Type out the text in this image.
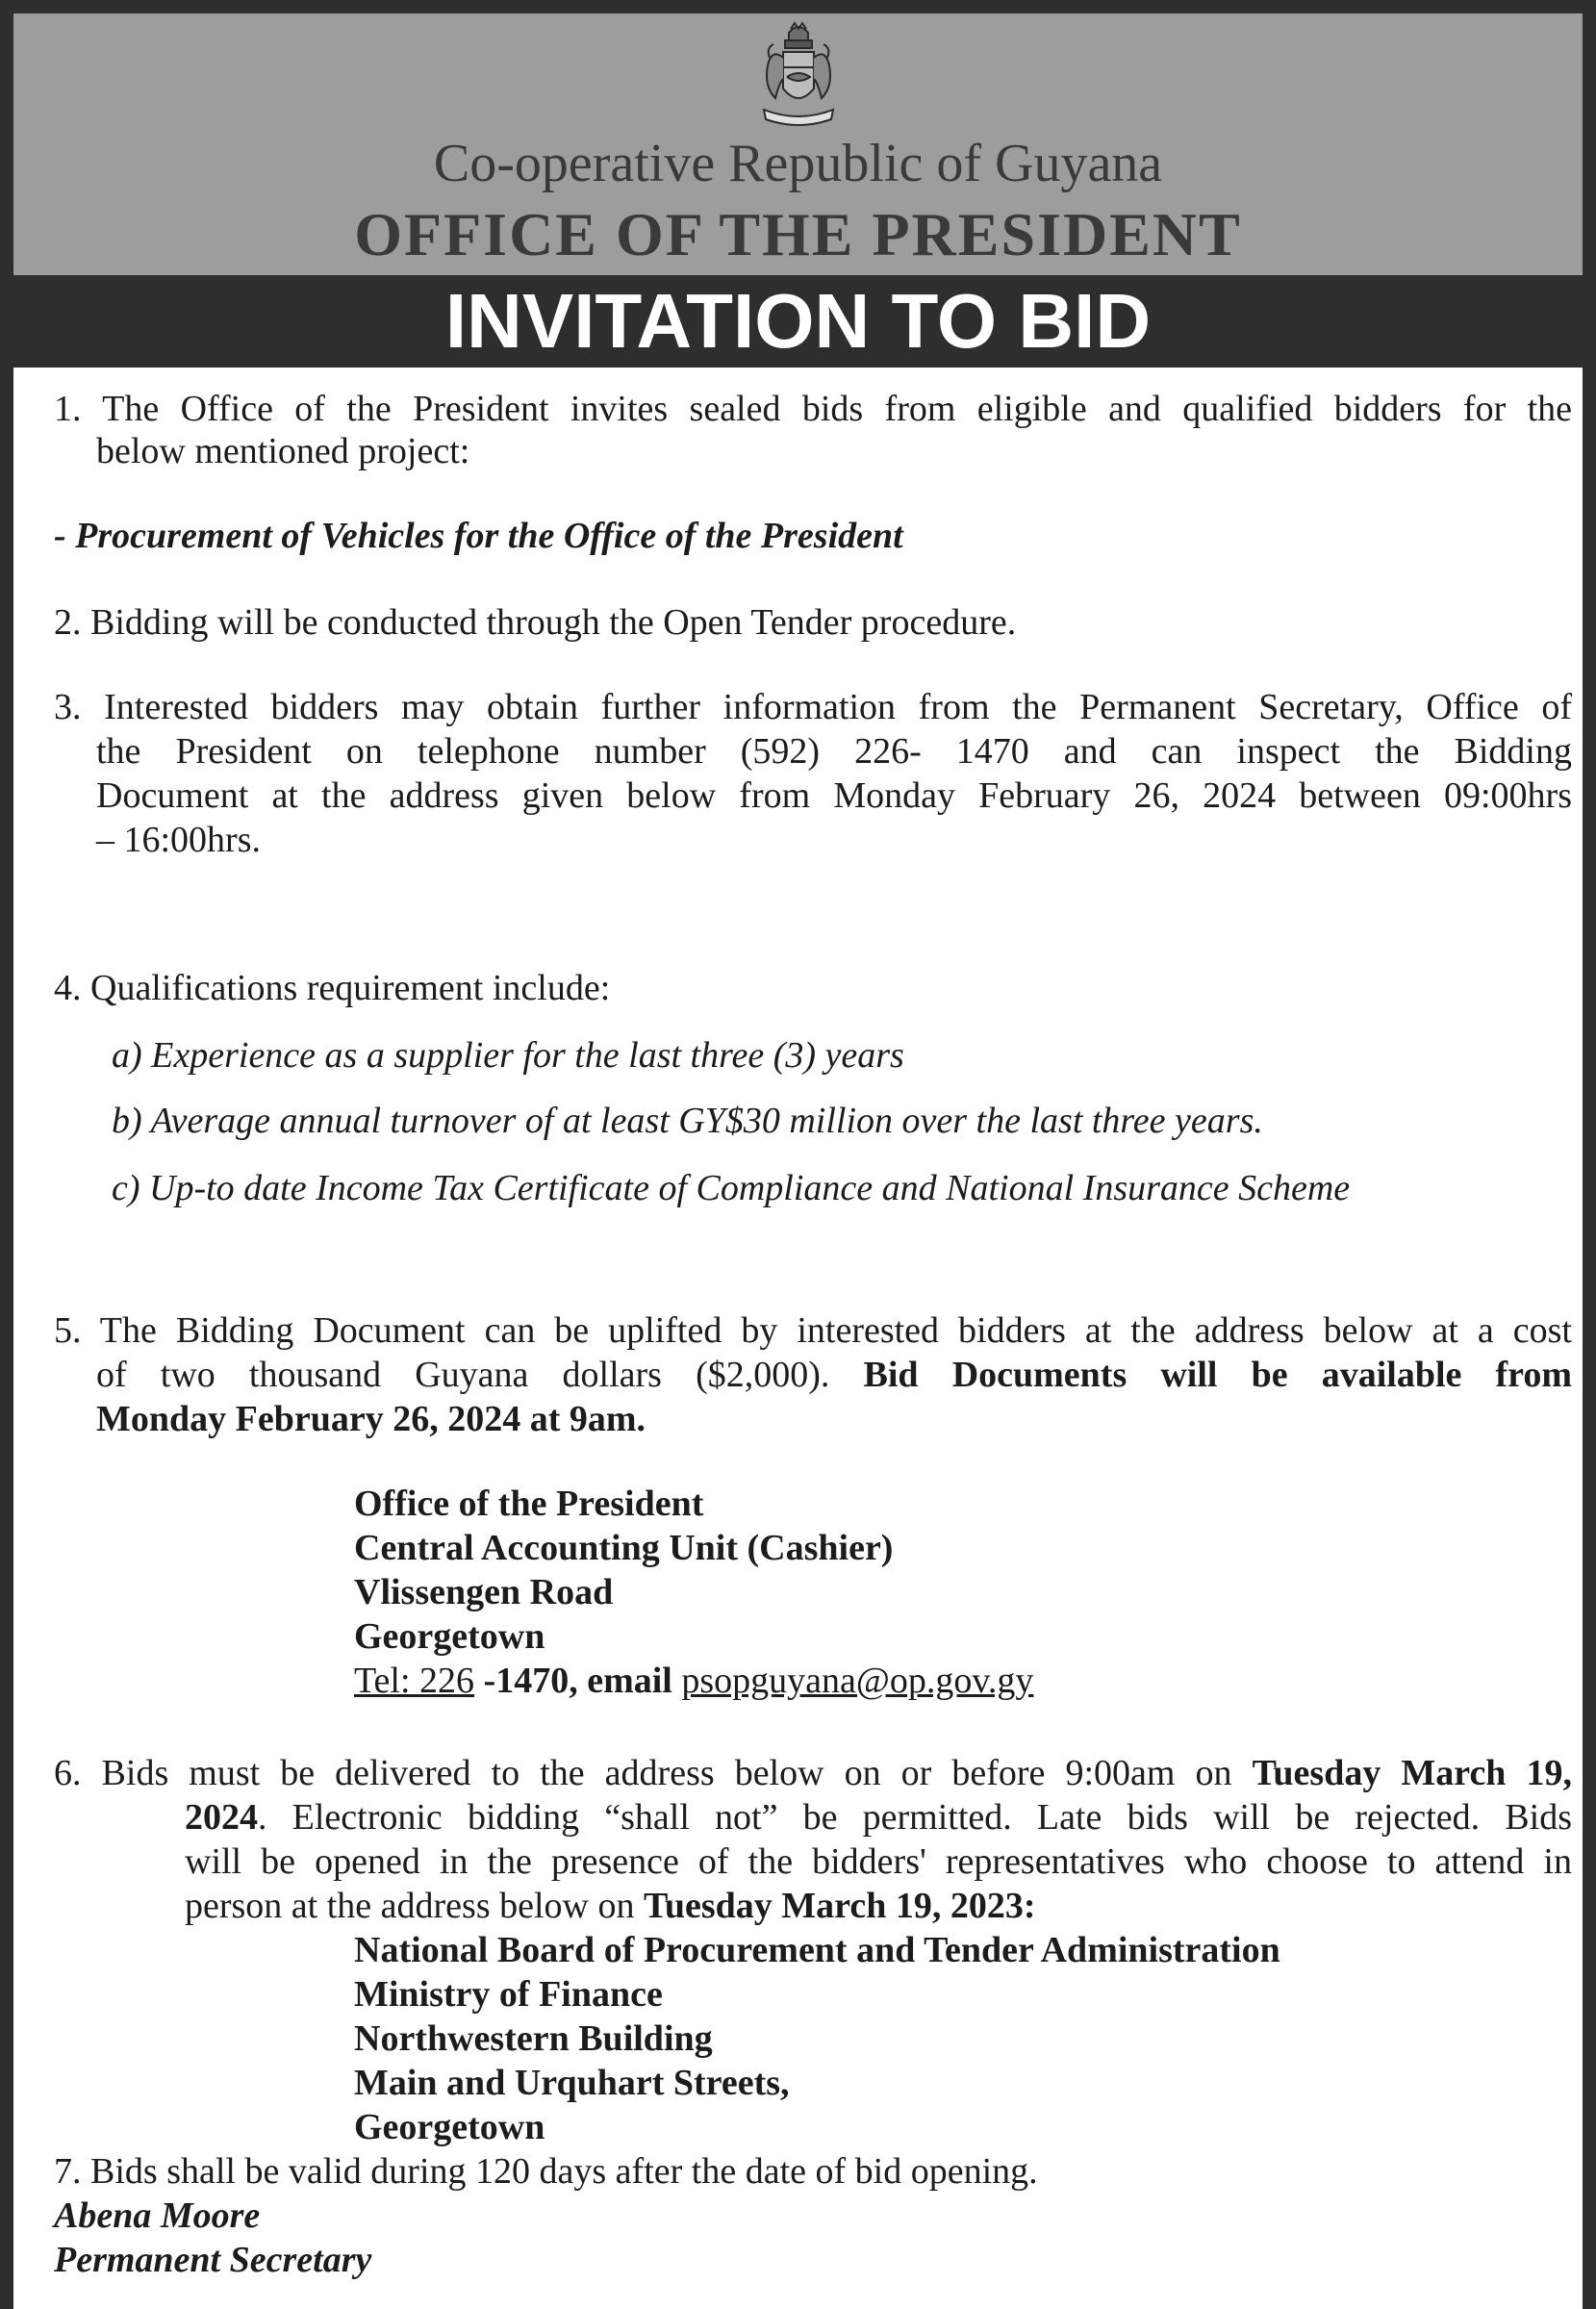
Co-operative Republic of Guyana
OFFICE OF THE PRESIDENT
INVITATION TO BID
1. The Office of the President invites sealed bids from eligible and qualified bidders for the
below mentioned project:
- Procurement of Vehicles for the Office of the President
2. Bidding will be conducted through the Open Tender procedure.
3. Interested bidders may obtain further information from the Permanent Secretary, Office of
the President on telephone number (592) 226- 1470 and can inspect the Bidding
Document at the address given below from Monday February 26, 2024 between 09:00hrs
– 16:00hrs.
4. Qualifications requirement include:
a) Experience as a supplier for the last three (3) years
b) Average annual turnover of at least GY$30 million over the last three years.
c) Up-to date Income Tax Certificate of Compliance and National Insurance Scheme
5. The Bidding Document can be uplifted by interested bidders at the address below at a cost
of two thousand Guyana dollars ($2,000). Bid Documents will be available from
Monday February 26, 2024 at 9am.
Office of the President
Central Accounting Unit (Cashier)
Vlissengen Road
Georgetown
Tel: 226 -1470, email psopguyana@op.gov.gy
6. Bids must be delivered to the address below on or before 9:00am on Tuesday March 19,
2024. Electronic bidding “shall not” be permitted. Late bids will be rejected. Bids
will be opened in the presence of the bidders' representatives who choose to attend in
person at the address below on Tuesday March 19, 2023:
National Board of Procurement and Tender Administration
Ministry of Finance
Northwestern Building
Main and Urquhart Streets,
Georgetown
7. Bids shall be valid during 120 days after the date of bid opening.
Abena Moore
Permanent Secretary
